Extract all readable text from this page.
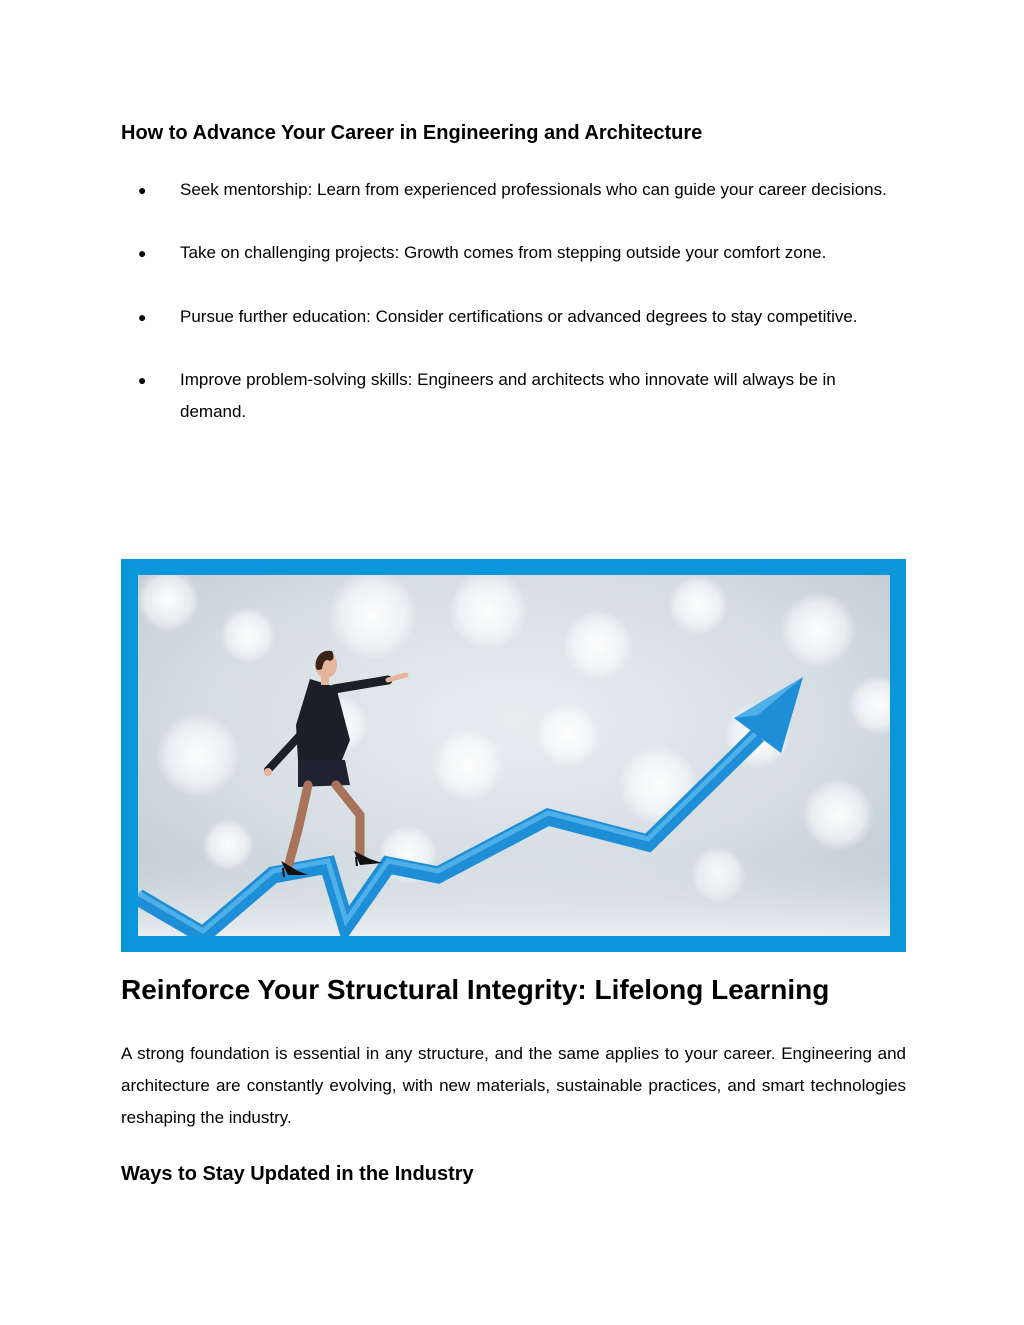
How to Advance Your Career in Engineering and Architecture
● Seek mentorship: Learn from experienced professionals who can guide your career decisions.
● Take on challenging projects: Growth comes from stepping outside your comfort zone.
● Pursue further education: Consider certifications or advanced degrees to stay competitive.
● Improve problem-solving skills: Engineers and architects who innovate will always be in demand.
Reinforce Your Structural Integrity: Lifelong Learning

A strong foundation is essential in any structure, and the same applies to your career. Engineering and architecture are constantly evolving, with new materials, sustainable practices, and smart technologies reshaping the industry.

Ways to Stay Updated in the Industry
